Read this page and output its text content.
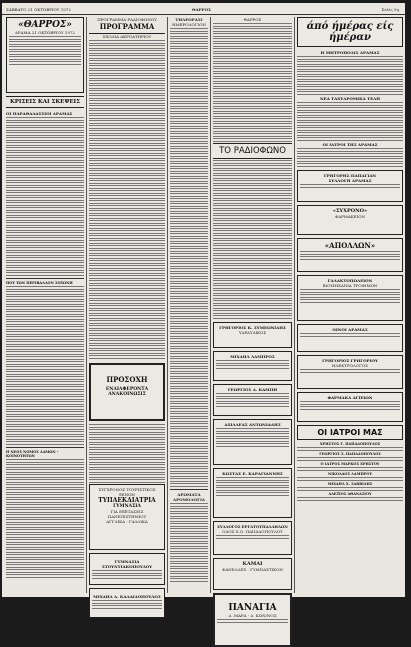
ΣΑΒΒΑΤΟ 21 ΟΚΤΩΒΡΙΟΥ 1972	ΘΑΡΡΟΣ	Σελίς 5η
«ΘΑΡΡΟΣ»
ΔΡΑΜΑ 21 ΟΚΤΩΒΡΙΟΥ 1972
ΚΡΙΣΕΙΣ ΚΑΙ ΣΚΕΨΕΙΣ
ΟΙ ΠΑΡΑΘΑΛΑΣΣΙΟΙ ΔΡΑΜΑΣ
ΠΟΥ ΤΩΝ ΠΕΡΙΒΑΛΛΟΝ ΣΟΞΩΝΗ
Η ΝΕΟΣ ΝΟΜΟΣ ΔΑΜΩΝ - ΚΟΙΝΟΤΗΤΩΝ
ΠΡΟΓΡΑΜΜΑ ΡΑΔΙΟΦΩΝΟΥ
ΠΡΟΓΡΑΜΜΑ
ΣΧΟΛΙΑ ΑΚΡΟΑΤΗΡΙΟΥ
ΠΡΟΣΟΧΗ
ΕΝΔΙΑΦΕΡΟΝΤΑ ΑΝΑΚΟΙΝΩΣΙΣ
ΣΥΓΧΡΟΝΟΣ ΤΟΥΡΙΣΤΙΚΟΣ ΞΕΝΩΝ
ΤΥΠΑΕΚΔΙΑΤΡΙΑ
ΓΥΜΝΑΣΙΑ
ΓΙΑ ΕΞΕΤΑΣΕΙΣ
ΠΑΝΕΠΙΣΤΗΜΙΟΥ
ΑΓΓΛΙΚΑ - ΓΑΛΛΙΚΑ
ΓΥΜΝΑΣΙΑ ΣΤΟΥΝΤΙΑΚΟΠΟΥΛΟΥ
ΜΙΧΑΗΛ Δ. ΚΑΛΑΙΔΟΠΟΥΛΟΣ
ΤΗΛΕΟΡΑΣΙ
ΗΜΕΡΟΛΟΓΙΟΝ
ΑΡΩΜΑΤΑ ΔΡΟΜΟΛΟΓΙΑ
ΘΑΡΡΟΣ
ΤΟ ΡΑΔΙΟΦΩΝΟ
ΓΡΗΓΟΡΙΟΣ Κ. ΣΥΜΕΩΝΙΔΗΣ
ΥΔΡΑΥΛΙΚΟΣ
ΜΙΧΑΗΛ ΛΑΜΠΡΟΣ
ΓΕΩΡΓΙΟΣ Δ. ΚΑΜΠΗ
ΑΧΙΛΛΕΑΣ ΑΝΤΩΝΙΑΔΗΣ
ΚΩΣΤΑΣ Ε. ΚΑΡΑΓΙΑΝΝΗΣ
ΣΥΛΛΟΓΟΣ ΕΡΓΑΤΟΥΠΑΛΛΗΛΩΝ
ΟΔΟΣ Χ.Ο. ΠΑΠΑΔΟΠΟΥΛΟΥ
ΚΑΜΑΙ
ΦΑΝΕΛΛΕΣ - ΓΥΜΝΑΣΤΙΚΟΝ
ΠΑΝΑΓΙΑ
Δ. ΜΑΡΑ - Δ. ΚΩΝ/ΝΟΣ
άπό ήμέρας είς ήμέραν
Η ΜΗΤΡΟΠΟΛΙΣ ΔΡΑΜΑΣ
ΝΕΑ ΤΑΧΥΔΡΟΜΙΚΑ ΤΕΛΗ
ΟΙ ΙΑΤΡΟΙ ΤΗΣ ΔΡΑΜΑΣ
ΓΡΗΓΟΡΗΣ ΠΑΠΑΓΙΑΝ
ΣΥΛΛΟΓΗ ΔΡΑΜΑΣ
«ΣΥΧΡΟΝΟ»
ΦΑΡΜΑΚΕΙΟΝ
«ΑΠΟΛΛΩΝ»
ΓΑΛΑΚΤΟΠΩΛΕΙΟΝ
ΒΙΟΜΗΧΑΝΙΑ ΤΡΟΦΙΜΩΝ
ΟΙΝΟΙ ΔΡΑΜΑΣ
ΓΡΗΓΟΡΙΟΣ ΓΡΗΓΟΡΙΟΥ
ΗΛΕΚΤΡΟΛΟΓΟΣ
ΦΑΡΜΑΚΑ ΑΓΙΕΙΩΝ
ΟΙ ΙΑΤΡΟΙ ΜΑΣ
ΧΡΗΣΤΟΣ Γ. ΠΑΠΑΔΟΠΟΥΛΟΣ
ΓΕΩΡΓΙΟΣ Σ. ΠΑΠΑΔΟΠΟΥΛΟΣ
Ο ΙΑΤΡΟΣ ΜΑΡΚΟΣ ΧΡΗΣΤΟΥ
ΝΙΚΟΛΑΟΣ ΛΑΜΠΡΟΥ
ΜΙΧΑΗΛ Χ. ΣΑΒΒΙΔΗΣ
ΑΛΕΞΙΟΣ ΑΘΑΝΑΣΙΟΥ
